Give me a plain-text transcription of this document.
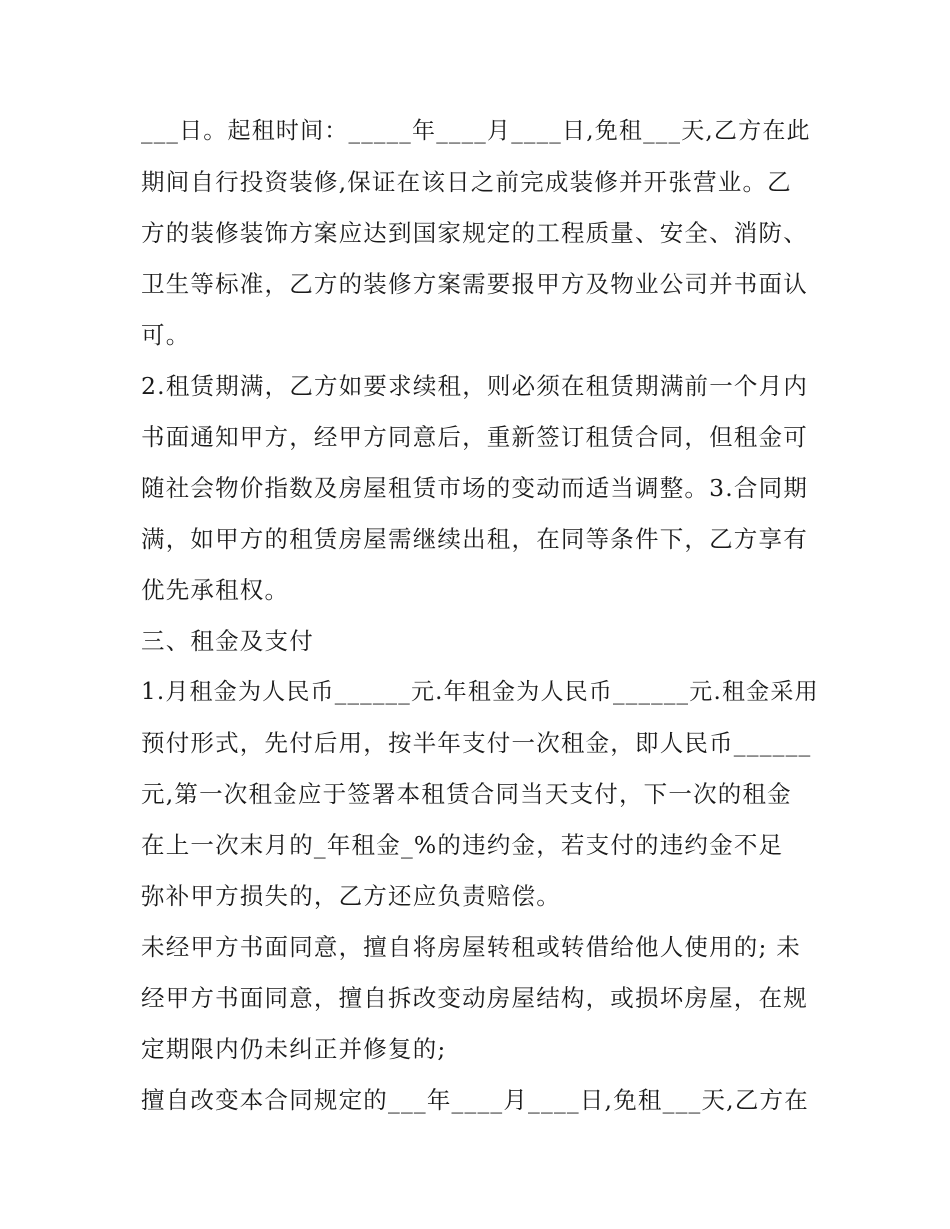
___日。起租时间：_____年____月____日,免租___天,乙方在此

期间自行投资装修,保证在该日之前完成装修并开张营业。乙

方的装修装饰方案应达到国家规定的工程质量、安全、消防、

卫生等标准，乙方的装修方案需要报甲方及物业公司并书面认

可。

2.租赁期满，乙方如要求续租，则必须在租赁期满前一个月内

书面通知甲方，经甲方同意后，重新签订租赁合同，但租金可

随社会物价指数及房屋租赁市场的变动而适当调整。3.合同期

满，如甲方的租赁房屋需继续出租，在同等条件下，乙方享有

优先承租权。

三、租金及支付

1.月租金为人民币______元.年租金为人民币______元.租金采用

预付形式，先付后用，按半年支付一次租金，即人民币______

元,第一次租金应于签署本租赁合同当天支付，下一次的租金

在上一次末月的_年租金_%的违约金，若支付的违约金不足

弥补甲方损失的，乙方还应负责赔偿。

未经甲方书面同意，擅自将房屋转租或转借给他人使用的; 未

经甲方书面同意，擅自拆改变动房屋结构，或损坏房屋，在规

定期限内仍未纠正并修复的;

擅自改变本合同规定的___年____月____日,免租___天,乙方在
